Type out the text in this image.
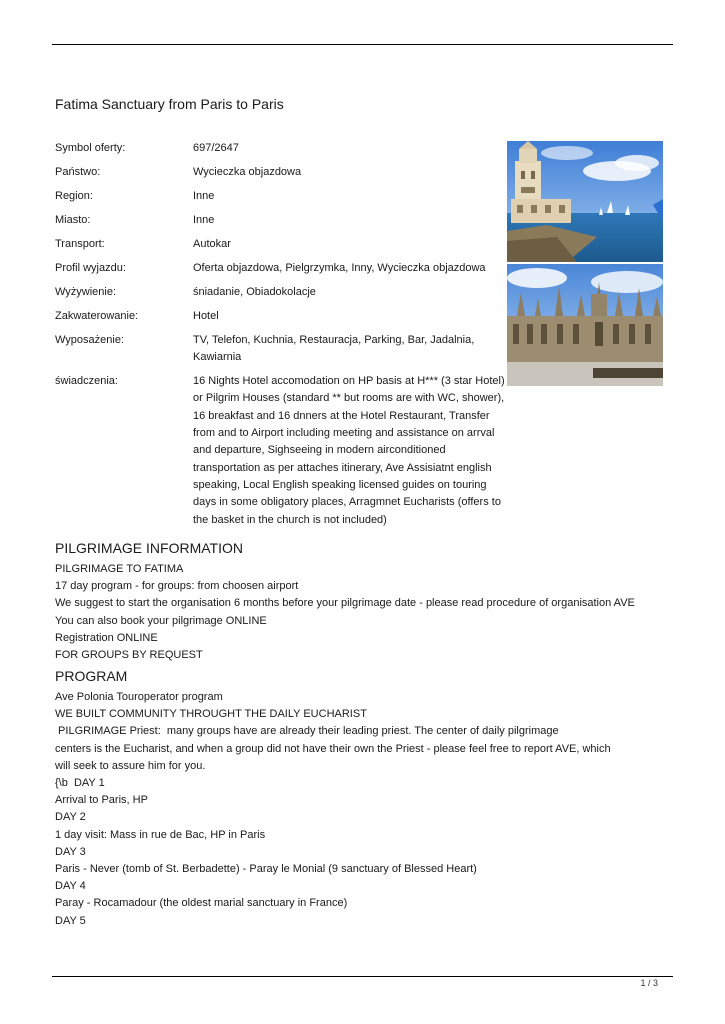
Fatima Sanctuary from Paris to Paris
Symbol oferty:	697/2647
Państwo:	Wycieczka objazdowa
Region:	Inne
Miasto:	Inne
Transport:	Autokar
Profil wyjazdu:	Oferta objazdowa, Pielgrzymka, Inny, Wycieczka objazdowa
Wyżywienie:	śniadanie, Obiadokolacje
Zakwaterowanie:	Hotel
Wyposażenie:	TV, Telefon, Kuchnia, Restauracja, Parking, Bar, Jadalnia, Kawiarnia
świadczenia:	16 Nights Hotel accomodation on HP basis at H*** (3 star Hotel) or Pilgrim Houses (standard ** but rooms are with WC, shower), 16 breakfast and 16 dnners at the Hotel Restaurant, Transfer from and to Airport including meeting and assistance on arrval and departure, Sighseeing in modern airconditioned transportation as per attaches itinerary, Ave Assisiatnt english speaking, Local English speaking licensed guides on touring days in some obligatory places, Arragmnet Eucharists (offers to the basket in the church is not included)
PILGRIMAGE INFORMATION
PILGRIMAGE TO FATIMA
17 day program - for groups: from choosen airport
We suggest to start the organisation 6 months before your pilgrimage date - please read procedure of organisation AVE
You can also book your pilgrimage ONLINE
Registration ONLINE
FOR GROUPS BY REQUEST
PROGRAM
Ave Polonia Touroperator program
WE BUILT COMMUNITY THROUGHT THE DAILY EUCHARIST
PILGRIMAGE Priest:  many groups have are already their leading priest. The center of daily pilgrimage
centers is the Eucharist, and when a group did not have their own the Priest - please feel free to report AVE, which
will seek to assure him for you.
{\b  DAY 1
Arrival to Paris, HP
DAY 2
1 day visit: Mass in rue de Bac, HP in Paris
DAY 3
Paris - Never (tomb of St. Berbadette) - Paray le Monial (9 sanctuary of Blessed Heart)
DAY 4
Paray - Rocamadour (the oldest marial sanctuary in France)
DAY 5
1 / 3
